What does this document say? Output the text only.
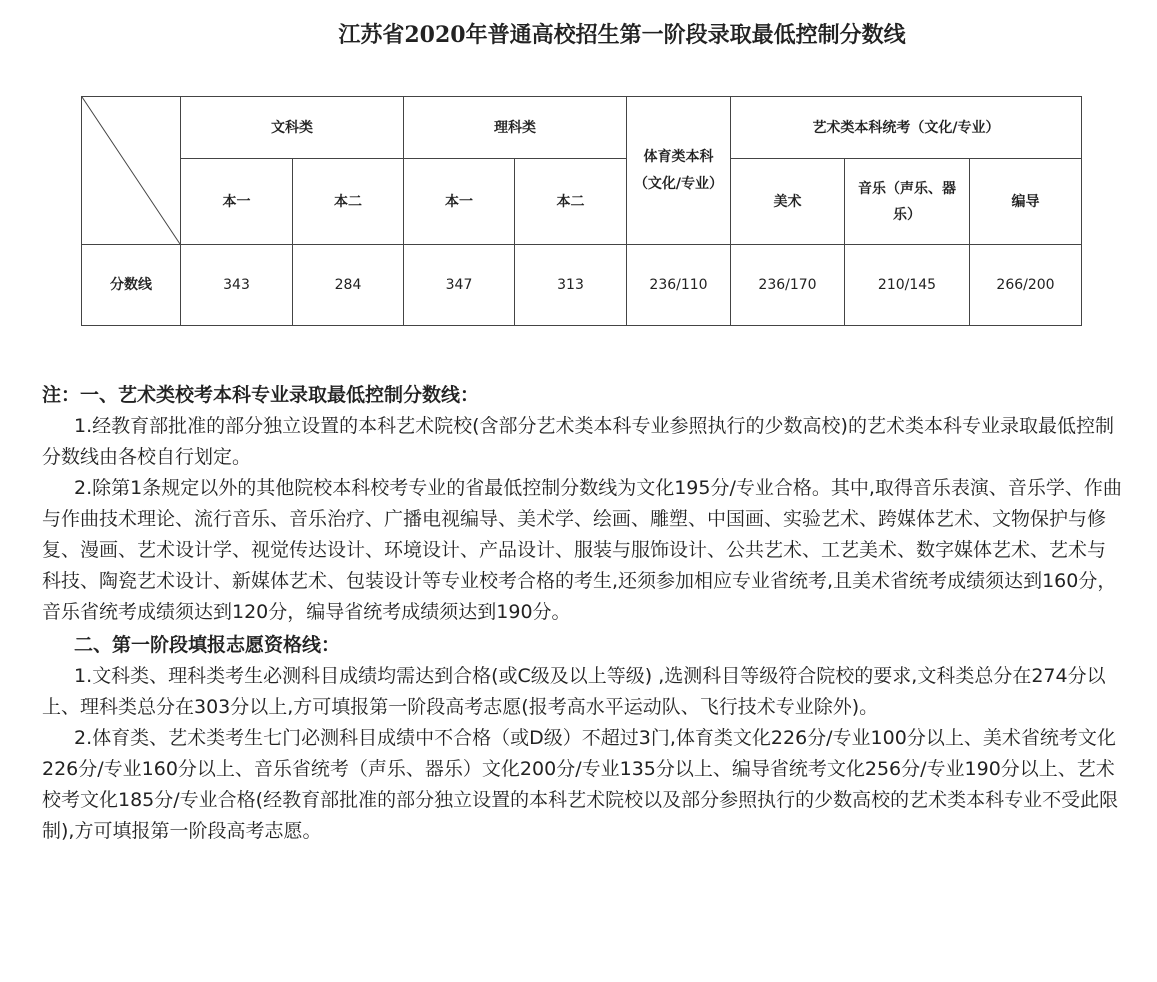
江苏省2020年普通高校招生第一阶段录取最低控制分数线
	文科类		理科类		体育类本科（文化/专业）	艺术类本科统考（文化/专业）		
	本一	本二	本一	本二		美术	音乐（声乐、器乐）	编导
分数线	343	284	347	313	236/110	236/170	210/145	266/200

注：一、艺术类校考本科专业录取最低控制分数线：

1.经教育部批准的部分独立设置的本科艺术院校(含部分艺术类本科专业参照执行的少数高校)的艺术类本科专业录取最低控制分数线由各校自行划定。

2.除第1条规定以外的其他院校本科校考专业的省最低控制分数线为文化195分/专业合格。其中,取得音乐表演、音乐学、作曲与作曲技术理论、流行音乐、音乐治疗、广播电视编导、美术学、绘画、雕塑、中国画、实验艺术、跨媒体艺术、文物保护与修复、漫画、艺术设计学、视觉传达设计、环境设计、产品设计、服装与服饰设计、公共艺术、工艺美术、数字媒体艺术、艺术与科技、陶瓷艺术设计、新媒体艺术、包装设计等专业校考合格的考生,还须参加相应专业省统考,且美术省统考成绩须达到160分，音乐省统考成绩须达到120分，编导省统考成绩须达到190分。

二、第一阶段填报志愿资格线：

1.文科类、理科类考生必测科目成绩均需达到合格(或C级及以上等级) ,选测科目等级符合院校的要求,文科类总分在274分以上、理科类总分在303分以上,方可填报第一阶段高考志愿(报考高水平运动队、飞行技术专业除外)。

2.体育类、艺术类考生七门必测科目成绩中不合格（或D级）不超过3门,体育类文化226分/专业100分以上、美术省统考文化226分/专业160分以上、音乐省统考（声乐、器乐）文化200分/专业135分以上、编导省统考文化256分/专业190分以上、艺术校考文化185分/专业合格(经教育部批准的部分独立设置的本科艺术院校以及部分参照执行的少数高校的艺术类本科专业不受此限制),方可填报第一阶段高考志愿。
